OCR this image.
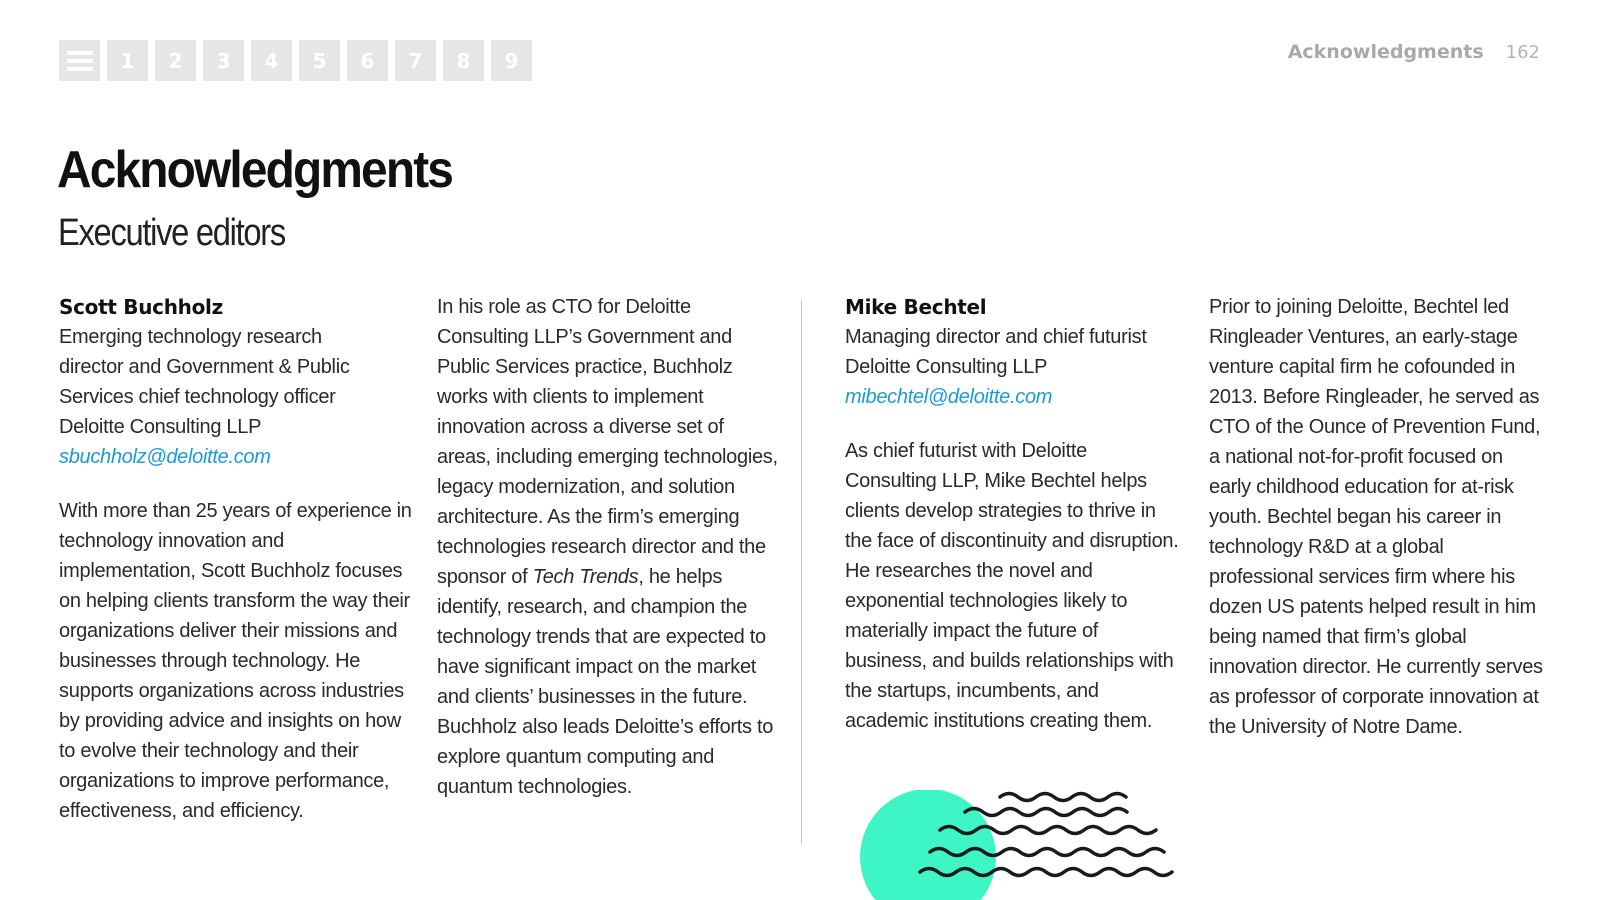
1	2	3	4	5	6	7	8	9	Acknowledgments 162
Acknowledgments
Executive editors
Scott Buchholz
Emerging technology research
director and Government & Public
Services chief technology officer
Deloitte Consulting LLP
sbuchholz@deloitte.com

With more than 25 years of experience in technology innovation and implementation, Scott Buchholz focuses on helping clients transform the way their organizations deliver their missions and businesses through technology. He supports organizations across industries by providing advice and insights on how to evolve their technology and their organizations to improve performance, effectiveness, and efficiency.

In his role as CTO for Deloitte Consulting LLP’s Government and Public Services practice, Buchholz works with clients to implement innovation across a diverse set of areas, including emerging technologies, legacy modernization, and solution architecture. As the firm’s emerging technologies research director and the sponsor of Tech Trends, he helps identify, research, and champion the technology trends that are expected to have significant impact on the market and clients’ businesses in the future. Buchholz also leads Deloitte’s efforts to explore quantum computing and quantum technologies.

Mike Bechtel
Managing director and chief futurist
Deloitte Consulting LLP
mibechtel@deloitte.com

As chief futurist with Deloitte Consulting LLP, Mike Bechtel helps clients develop strategies to thrive in the face of discontinuity and disruption. He researches the novel and exponential technologies likely to materially impact the future of business, and builds relationships with the startups, incumbents, and academic institutions creating them.

Prior to joining Deloitte, Bechtel led Ringleader Ventures, an early-stage venture capital firm he cofounded in 2013. Before Ringleader, he served as CTO of the Ounce of Prevention Fund, a national not-for-profit focused on early childhood education for at-risk youth. Bechtel began his career in technology R&D at a global professional services firm where his dozen US patents helped result in him being named that firm’s global innovation director. He currently serves as professor of corporate innovation at the University of Notre Dame.
